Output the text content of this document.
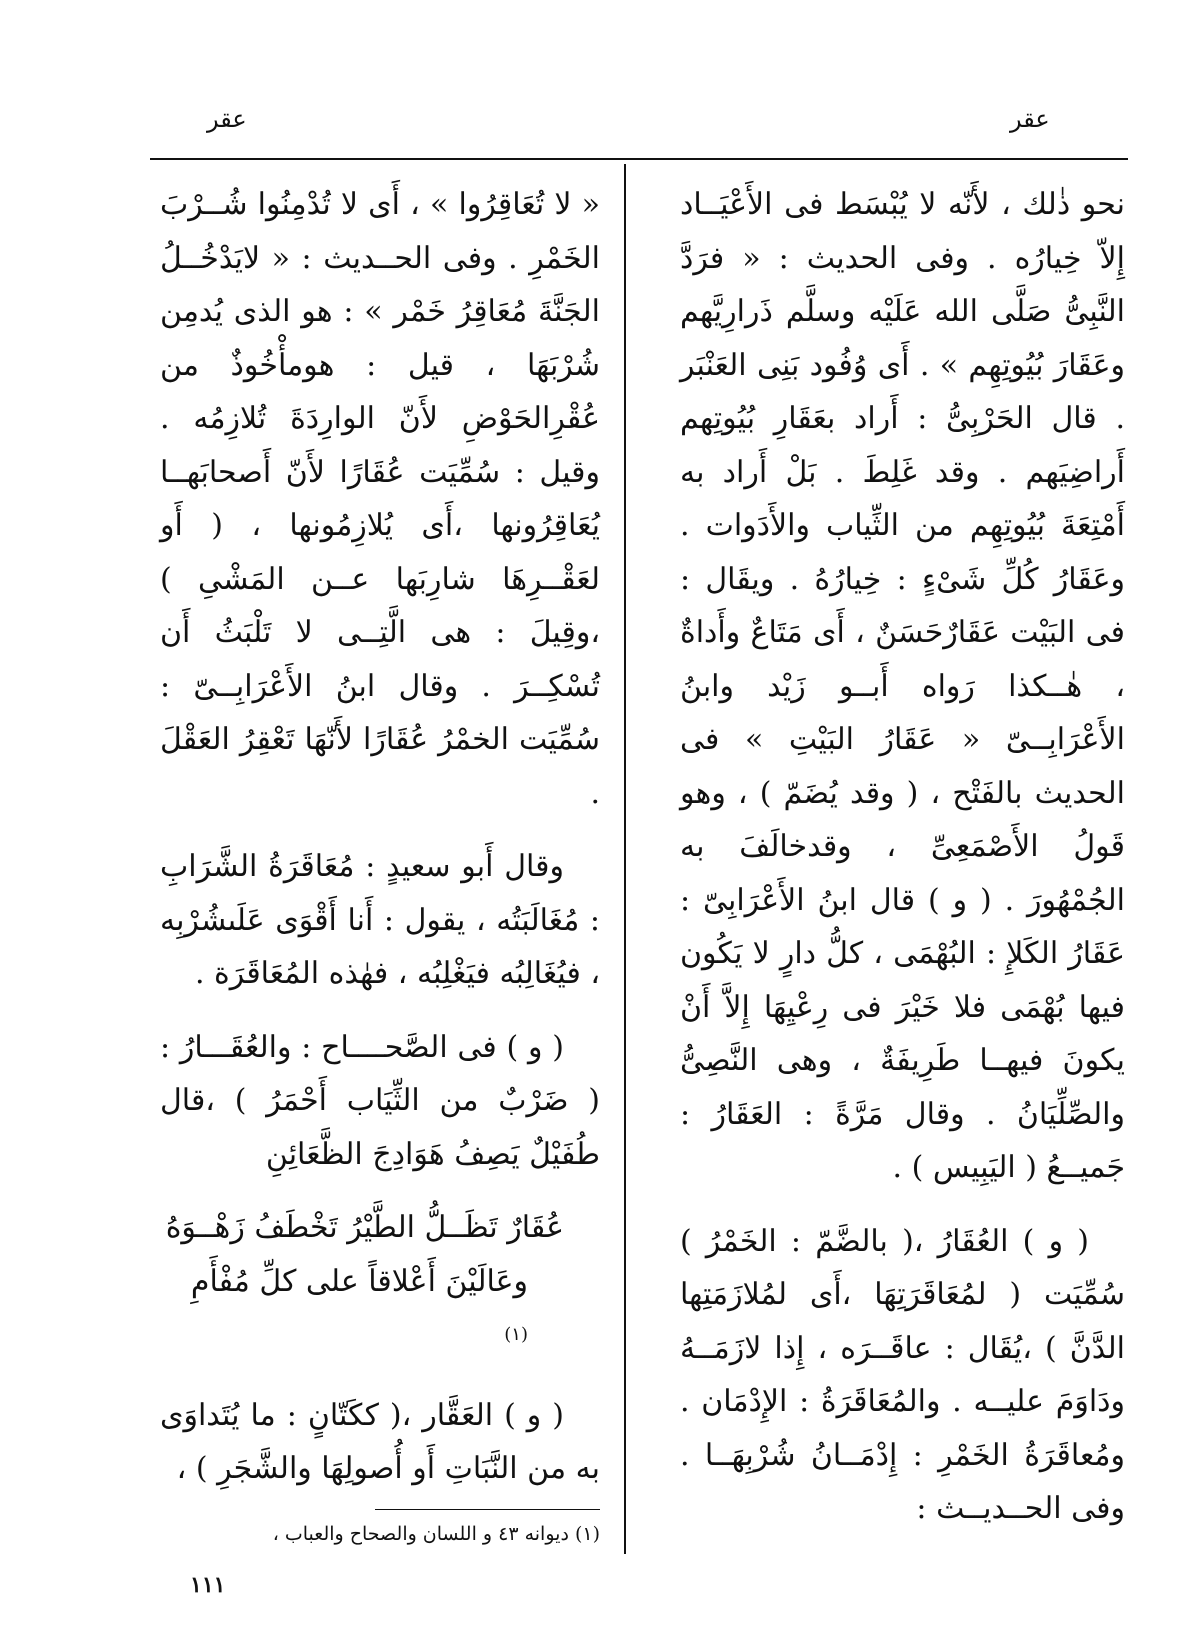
عقر
عقر

نحو ذٰلك ، لأَنّه لا يُبْسَط فى الأَعْيَــاد إِلاّ خِيارُه . وفى الحديث : « فرَدَّ النَّبِىُّ صَلَّى الله عَلَيْه وسلَّم ذَرارِيَّهم وعَقَارَ بُيُوتِهِم » . أَى وُفُود بَنِى العَنْبَر . قال الحَرْبِىُّ : أَراد بعَقَارِ بُيُوتِهم أَراضِيَهم . وقد غَلِطَ . بَلْ أَراد به أَمْتِعَةَ بُيُوتِهِم من الثِّياب والأَدَوات . وعَقَارُ كُلِّ شَىْءٍ : خِيارُهُ . ويقَال : فى البَيْت عَقَارٌحَسَنٌ ، أَى مَتَاعٌ وأَداةٌ ، هٰــكذا رَواه أَبــو زَيْد وابنُ الأَعْرَابِــىّ « عَقَارُ البَيْتِ » فى الحديث بالفَتْح ، ( وقد يُضَمّ ) ، وهو قَولُ الأَصْمَعِىِّ ، وقدخالَفَ به الجُمْهُورَ . ( و ) قال ابنُ الأَعْرَابِىّ : عَقَارُ الكَلإِ : البُهْمَى ، كلُّ دارٍ لا يَكُون فيها بُهْمَى فلا خَيْرَ فى رِعْيِهَا إِلاَّ أَنْ يكونَ فيهــا طَرِيفَةٌ ، وهى النَّصِىُّ والصِّلِّيَانُ . وقال مَرَّةً : العَقَارُ : جَميــعُ ( اليَبِيس ) .

( و ) العُقَارُ ،( بالضَّمّ : الخَمْرُ ) سُمِّيَت ( لمُعَاقَرَتِهَا ،أَى لمُلازَمَتِها الدَّنَّ ) ،يُقَال : عاقَــرَه ، إِذا لازَمَــهُ ودَاوَمَ عليــه . والمُعَاقَرَةُ : الإِدْمَان . ومُعاقَرَةُ الخَمْرِ : إِدْمَــانُ شُرْبِهَــا . وفى الحــديــث :

« لا تُعَاقِرُوا » ، أَى لا تُدْمِنُوا شُــرْبَ الخَمْرِ . وفى الحــديث : « لايَدْخُــلُ الجَنَّةَ مُعَاقِرُ خَمْر » : هو الذى يُدمِن شُرْبَهَا ، قيل : هومأْخُوذٌ من عُقْرِالحَوْضِ لأَنّ الوارِدَةَ تُلازِمُه . وقيل : سُمِّيَت عُقَارًا لأَنّ أَصحابَهــا يُعَاقِرُونها ،أَى يُلازِمُونها ، ( أَو لعَقْــرِهَا شارِبَها عــن المَشْىِ ) ،وقِيلَ : هى الَّتِــى لا تَلْبَثُ أَن تُسْكِــرَ . وقال ابنُ الأَعْرَابِــىّ : سُمِّيَت الخمْرُ عُقَارًا لأَنّهَا تَعْقِرُ العَقْلَ .

وقال أَبو سعيدٍ : مُعَاقَرَةُ الشَّرَابِ : مُغَالَبَتُه ، يقول : أَنا أَقْوَى عَلَىشُرْبِه ، فيُغَالِبُه فيَغْلِبُه ، فهٰذه المُعَاقَرَة .

( و ) فى الصَّحــــاح : والعُقَـــارُ : ( ضَرْبٌ من الثِّيَاب أَحْمَرُ ) ،قال طُفَيْلٌ يَصِفُ هَوَادِجَ الظَّعَائِنِ

عُقَارٌ تَظَــلُّ الطَّيْرُ تَخْطَفُ زَهْــوَهُ

وعَالَيْنَ أَعْلاقاً على كلِّ مُفْأَمِ $^{(١)}$

( و ) العَقَّار ،( ككَتّانٍ : ما يُتَداوَى به من النَّبَاتِ أَو أُصولِهَا والشَّجَرِ ) ،

(١) ديوانه ٤٣ و اللسان والصحاح والعباب ،
١١١
